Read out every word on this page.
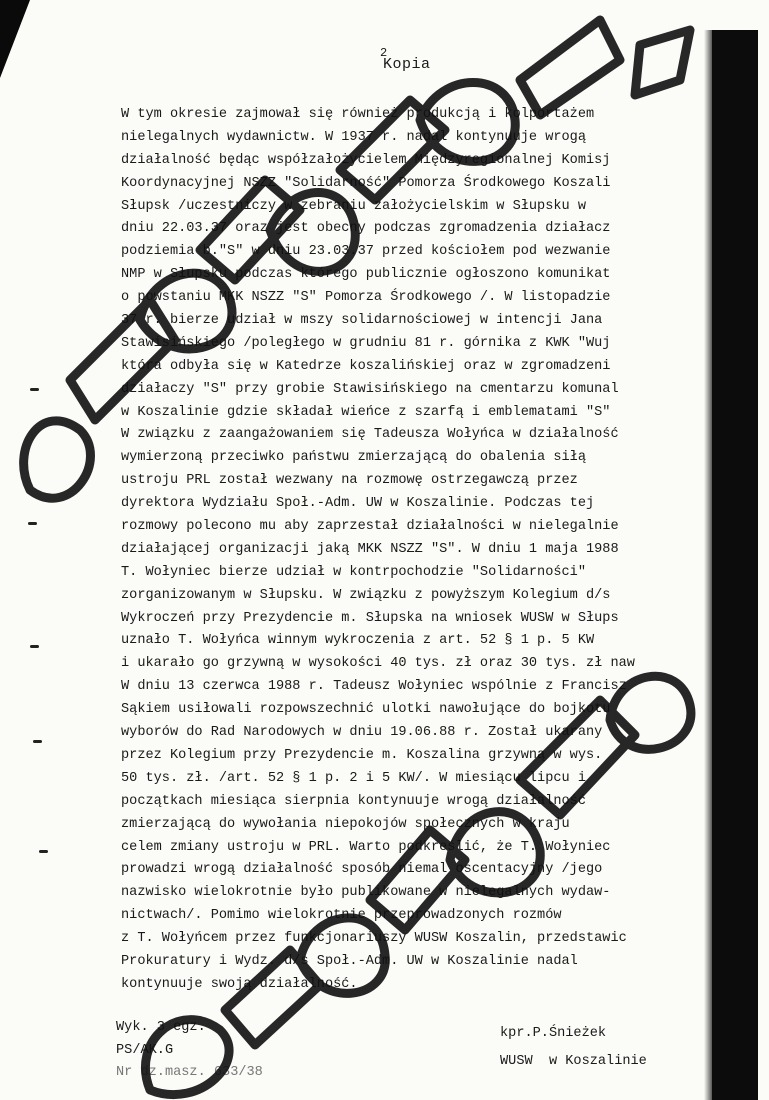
2
Kopia
W tym okresie zajmował się również produkcją i kolportażem
nielegalnych wydawnictw. W 1937 r. nadal kontynuuje wrogą
działalność będąc współzałożycielem Międzyregionalnej Komisj
Koordynacyjnej NSZZ "Solidarność" Pomorza Środkowego Koszali
Słupsk /uczestniczy w zebraniu założycielskim w Słupsku w
dniu 22.03.37 oraz jest obecny podczas zgromadzenia działacz
podziemia b."S" w dniu 23.03.37 przed kościołem pod wezwanie
NMP w Słupsku podczas którego publicznie ogłoszono komunikat
o powstaniu MKK NSZZ "S" Pomorza Środkowego /. W listopadzie
37 r. bierze udział w mszy solidarnościowej w intencji Jana
Stawisińskiego /poległego w grudniu 81 r. górnika z KWK "Wuj
która odbyła się w Katedrze koszalińskiej oraz w zgromadzeni
działaczy "S" przy grobie Stawisińskiego na cmentarzu komunal
w Koszalinie gdzie składał wieńce z szarfą i emblematami "S"
W związku z zaangażowaniem się Tadeusza Wołyńca w działalność
wymierzoną przeciwko państwu zmierzającą do obalenia siłą
ustroju PRL został wezwany na rozmowę ostrzegawczą przez
dyrektora Wydziału Społ.-Adm. UW w Koszalinie. Podczas tej
rozmowy polecono mu aby zaprzestał działalności w nielegalnie
działającej organizacji jaką MKK NSZZ "S". W dniu 1 maja 1988
T. Wołyniec bierze udział w kontrpochodzie "Solidarności"
zorganizowanym w Słupsku. W związku z powyższym Kolegium d/s
Wykroczeń przy Prezydencie m. Słupska na wniosek WUSW w Słups
uznało T. Wołyńca winnym wykroczenia z art. 52 § 1 p. 5 KW
i ukarało go grzywną w wysokości 40 tys. zł oraz 30 tys. zł naw
W dniu 13 czerwca 1988 r. Tadeusz Wołyniec wspólnie z Francisz
Sąkiem usiłowali rozpowszechnić ulotki nawołujące do bojkotu
wyborów do Rad Narodowych w dniu 19.06.88 r. Został ukarany
przez Kolegium przy Prezydencie m. Koszalina grzywną w wys.
50 tys. zł. /art. 52 § 1 p. 2 i 5 KW/. W miesiącu lipcu i
początkach miesiąca sierpnia kontynuuje wrogą działalność
zmierzającą do wywołania niepokojów społecznych w kraju
celem zmiany ustroju w PRL. Warto podkreślić, że T. Wołyniec
prowadzi wrogą działalność sposób niemal oscentacyjny /jego
nazwisko wielokrotnie było publikowane w nielegalnych wydaw-
nictwach/. Pomimo wielokrotnie przeprowadzonych rozmów
z T. Wołyńcem przez funkcjonariuszy WUSW Koszalin, przedstawic
Prokuratury i Wydz. d/s Społ.-Adm. UW w Koszalinie nadal
kontynuuje swoją działalność.
Wyk. 3 egz.
PS/AK.G
Nr dz.masz. 633/38
kpr.P.Śnieżek
WUSW  w Koszalinie
